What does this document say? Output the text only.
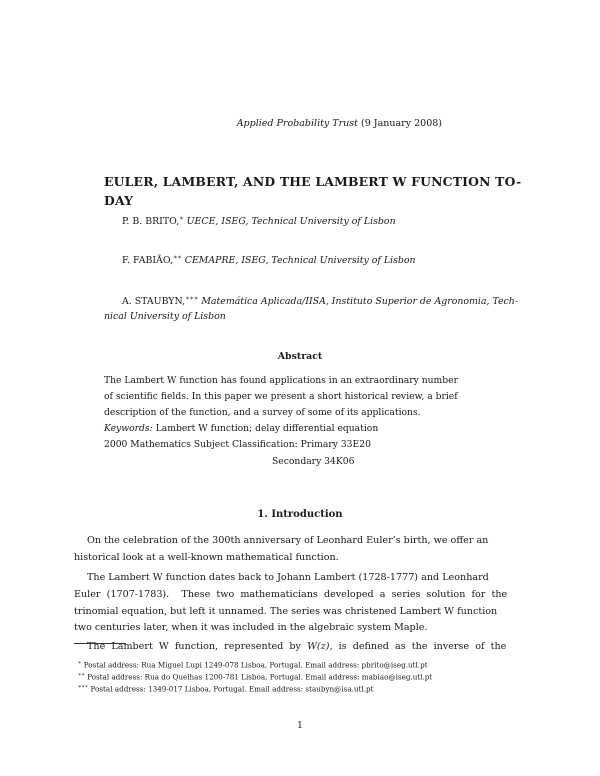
Applied Probability Trust (9 January 2008)
EULER, LAMBERT, AND THE LAMBERT W FUNCTION TO-
DAY
P. B. BRITO,∗ UECE, ISEG, Technical University of Lisbon
F. FABIÃO,∗∗ CEMAPRE, ISEG, Technical University of Lisbon
A. STAUBYN,∗∗∗ Matemática Aplicada/IISA, Instituto Superior de Agronomia, Tech-
nical University of Lisbon
Abstract
The Lambert W function has found applications in an extraordinary number
of scientific fields. In this paper we present a short historical review, a brief
description of the function, and a survey of some of its applications.
Keywords: Lambert W function; delay differential equation
2000 Mathematics Subject Classification: Primary 33E20
Secondary 34K06
1. Introduction
On the celebration of the 300th anniversary of Leonhard Euler’s birth, we offer an
historical look at a well-known mathematical function.
The Lambert W function dates back to Johann Lambert (1728-1777) and Leonhard
Euler  (1707-1783).    These  two  mathematicians  developed  a  series  solution  for  the
trinomial equation, but left it unnamed. The series was christened Lambert W function
two centuries later, when it was included in the algebraic system Maple.
The  Lambert  W  function,  represented  by  W(z),  is  defined  as  the  inverse  of  the
∗ Postal address: Rua Miguel Lupi 1249-078 Lisboa, Portugal. Email address: pbrito@iseg.utl.pt
∗∗ Postal address: Rua do Quelhas 1200-781 Lisboa, Portugal. Email address: mabiao@iseg.utl.pt
∗∗∗ Postal address: 1349-017 Lisboa, Portugal. Email address: staubyn@isa.utl.pt
1
